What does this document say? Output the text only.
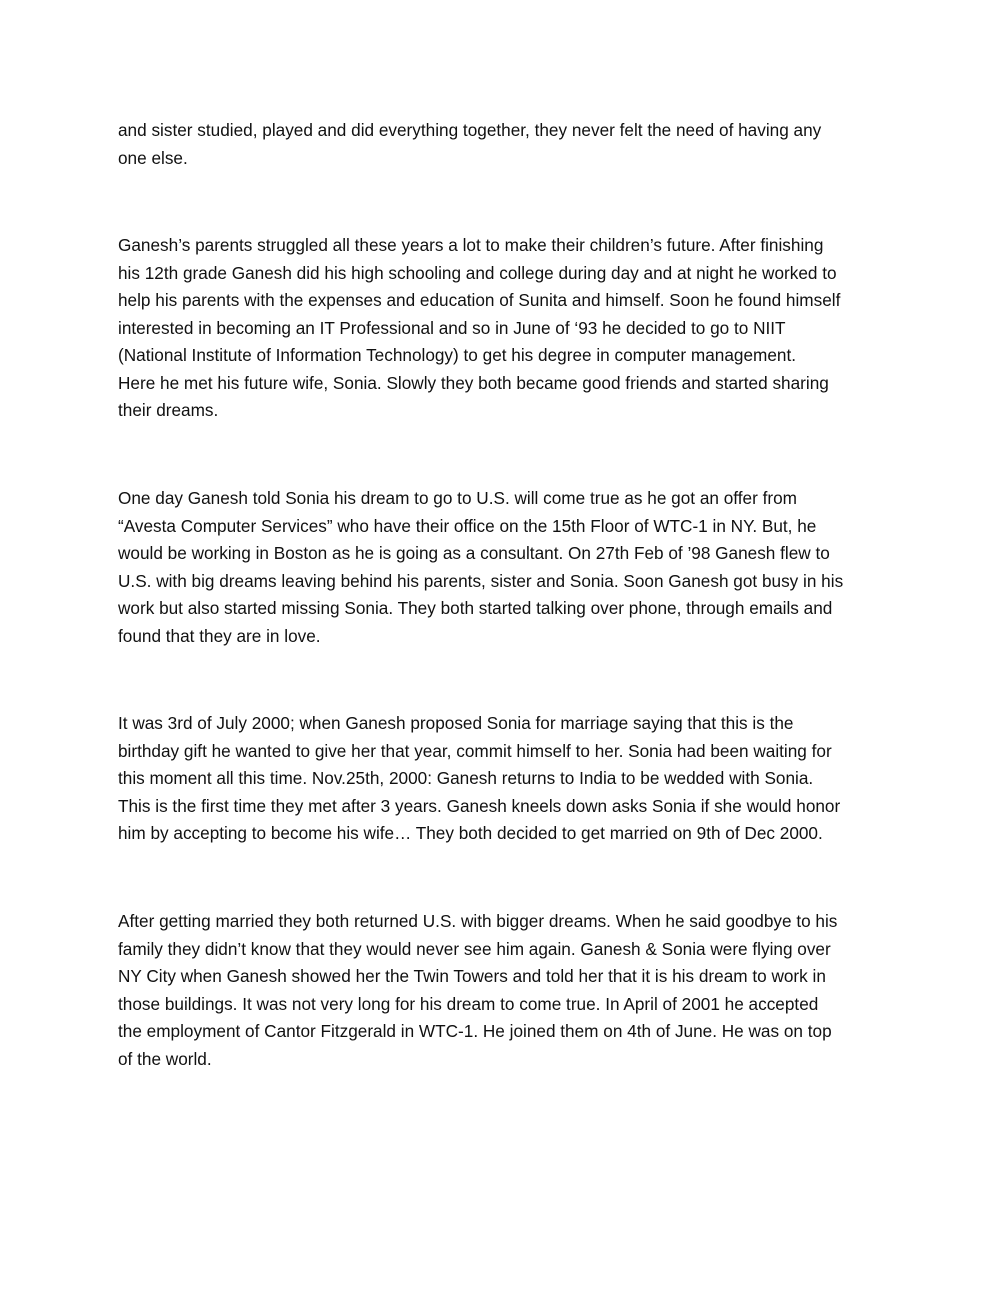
and sister studied, played and did everything together, they never felt the need of having any
one else.

Ganesh’s parents struggled all these years a lot to make their children’s future. After finishing
his 12th grade Ganesh did his high schooling and college during day and at night he worked to
help his parents with the expenses and education of Sunita and himself. Soon he found himself
interested in becoming an IT Professional and so in June of ‘93 he decided to go to NIIT
(National Institute of Information Technology) to get his degree in computer management.
Here he met his future wife, Sonia. Slowly they both became good friends and started sharing
their dreams.

One day Ganesh told Sonia his dream to go to U.S. will come true as he got an offer from
“Avesta Computer Services” who have their office on the 15th Floor of WTC-1 in NY. But, he
would be working in Boston as he is going as a consultant. On 27th Feb of ’98 Ganesh flew to
U.S. with big dreams leaving behind his parents, sister and Sonia. Soon Ganesh got busy in his
work but also started missing Sonia. They both started talking over phone, through emails and
found that they are in love.

It was 3rd of July 2000; when Ganesh proposed Sonia for marriage saying that this is the
birthday gift he wanted to give her that year, commit himself to her. Sonia had been waiting for
this moment all this time. Nov.25th, 2000: Ganesh returns to India to be wedded with Sonia.
This is the first time they met after 3 years. Ganesh kneels down asks Sonia if she would honor
him by accepting to become his wife… They both decided to get married on 9th of Dec 2000.

After getting married they both returned U.S. with bigger dreams. When he said goodbye to his
family they didn’t know that they would never see him again. Ganesh & Sonia were flying over
NY City when Ganesh showed her the Twin Towers and told her that it is his dream to work in
those buildings. It was not very long for his dream to come true. In April of 2001 he accepted
the employment of Cantor Fitzgerald in WTC-1. He joined them on 4th of June. He was on top
of the world.
